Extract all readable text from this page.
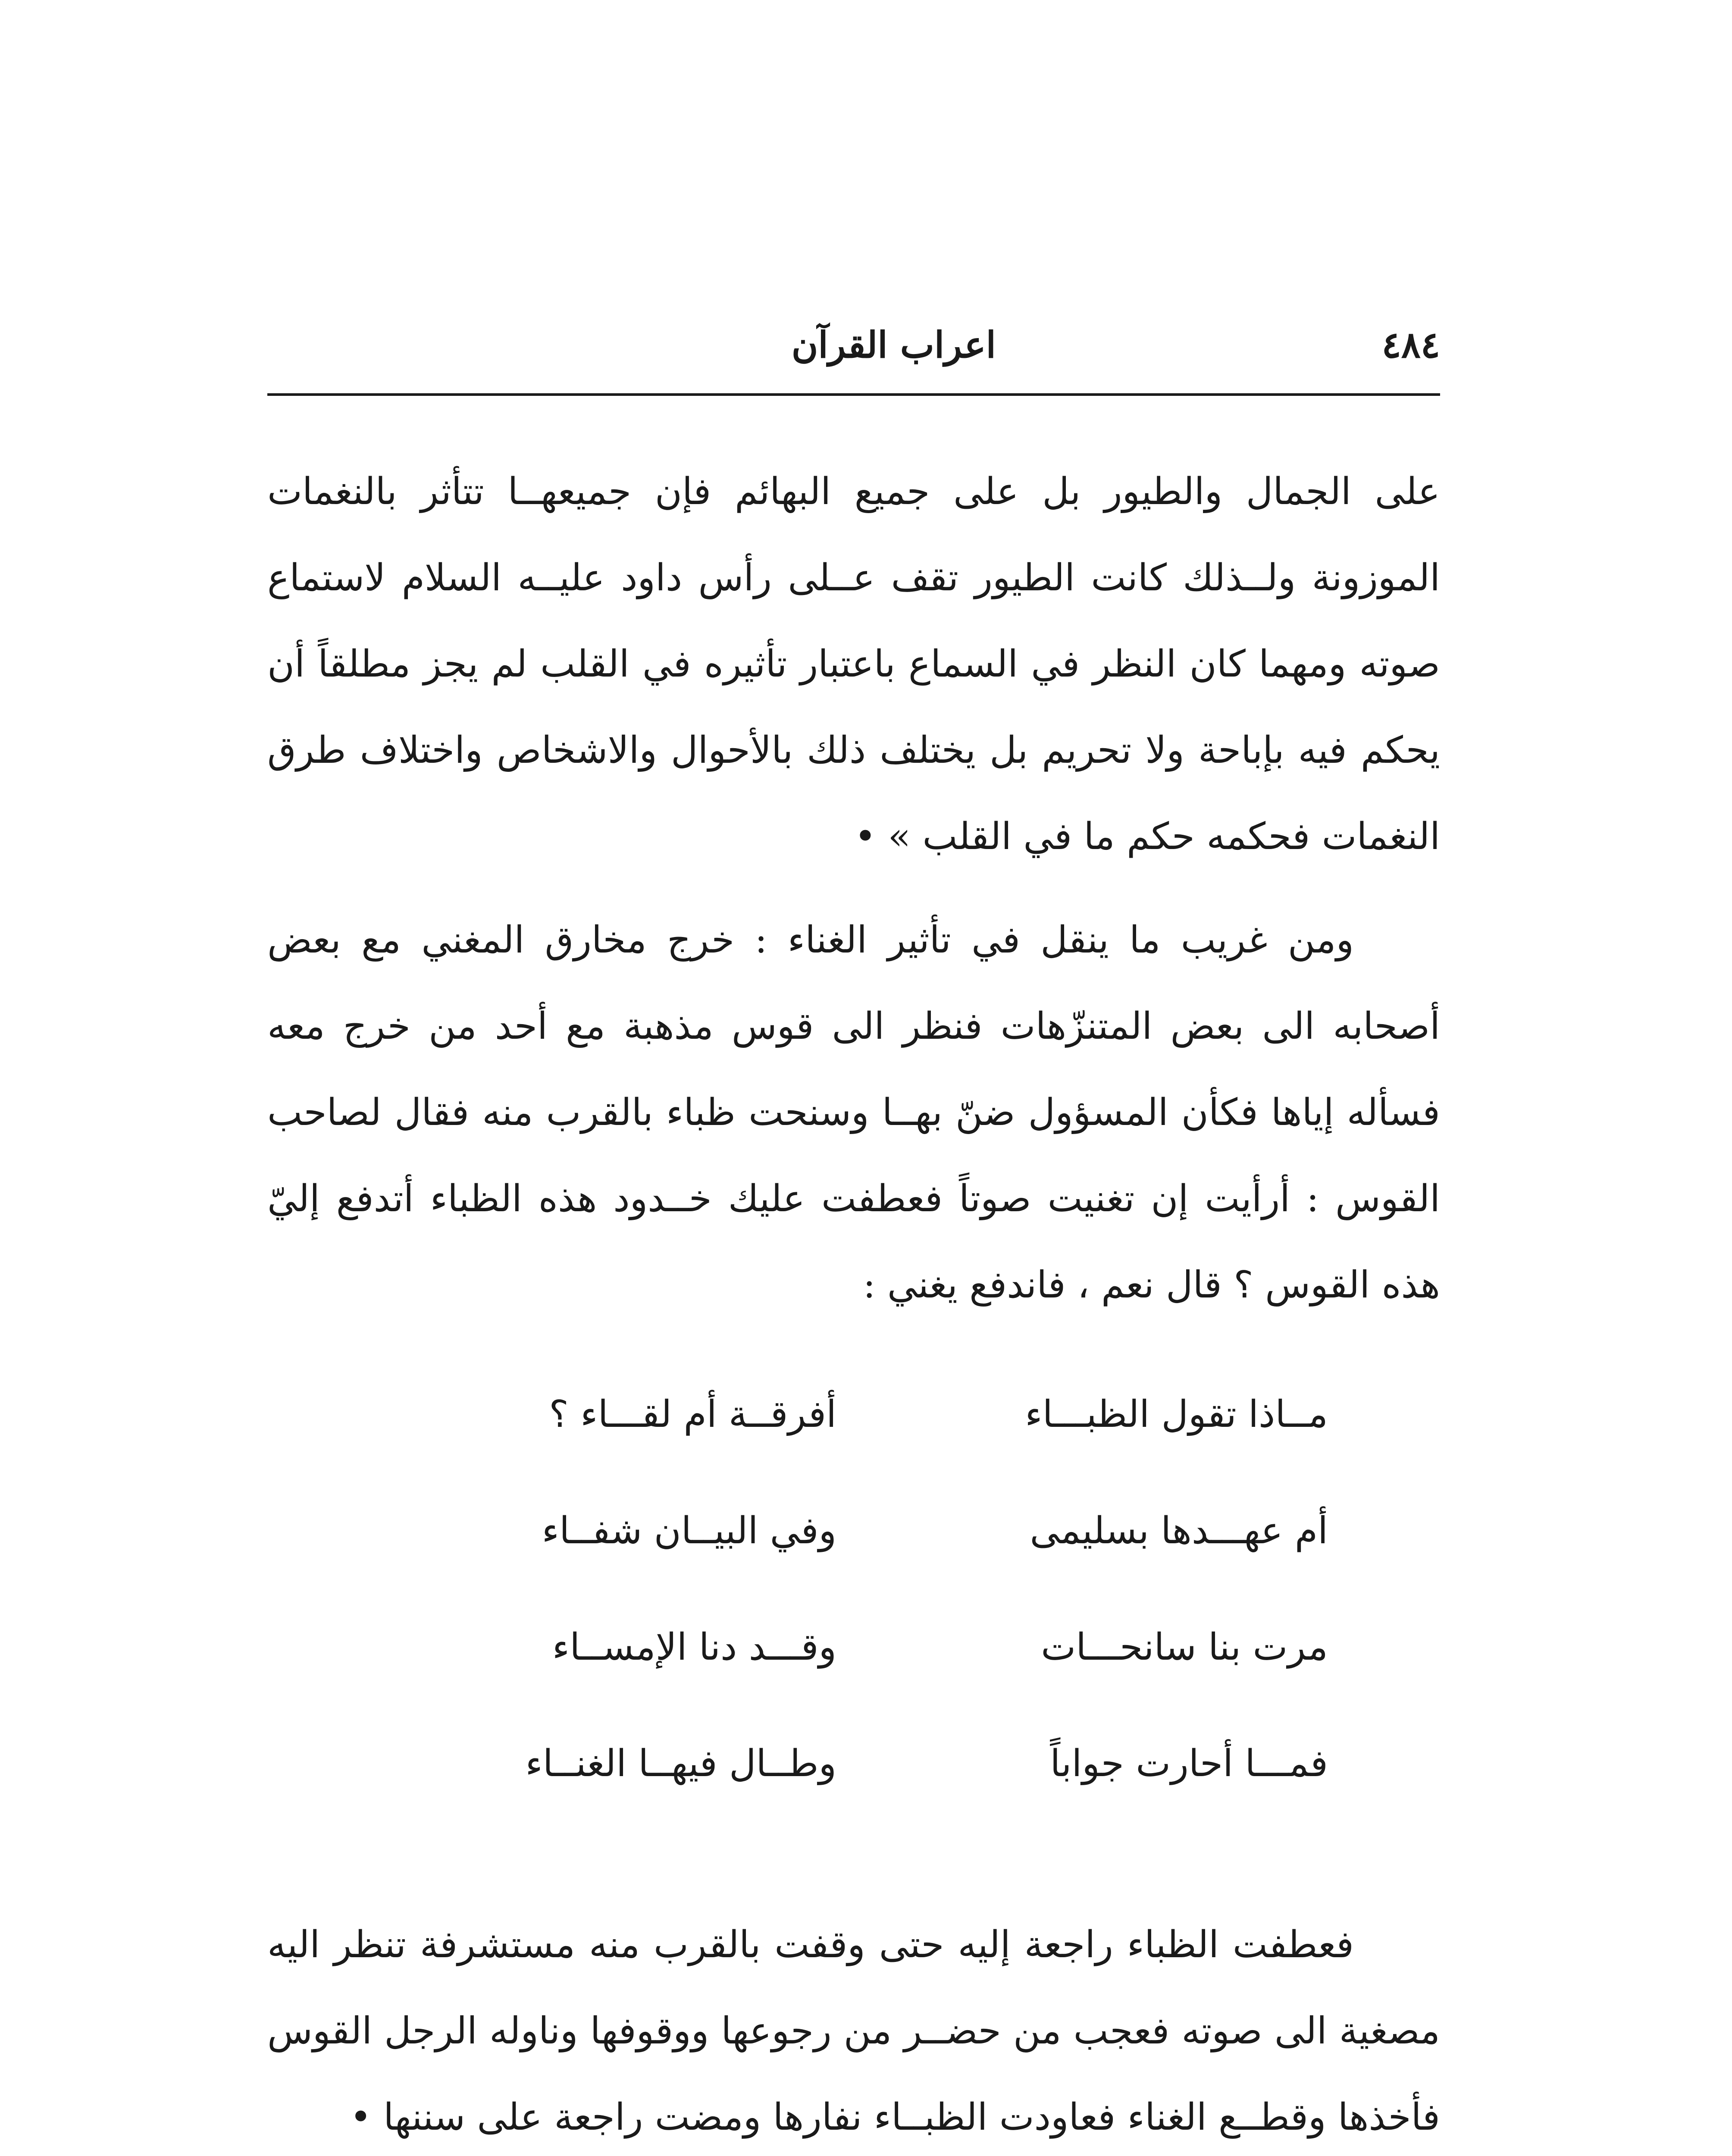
٤٨٤
اعراب القرآن

على الجمال والطيور بل على جميع البهائم فإن جميعهــا تتأثر بالنغمات الموزونة ولــذلك كانت الطيور تقف عــلى رأس داود عليــه السلام لاستماع صوته ومهما كان النظر في السماع باعتبار تأثيره في القلب لم يجز مطلقاً أن يحكم فيه بإباحة ولا تحريم بل يختلف ذلك بالأحوال والاشخاص واختلاف طرق النغمات فحكمه حكم ما في القلب » •

ومن غريب ما ينقل في تأثير الغناء : خرج مخارق المغني مع بعض أصحابه الى بعض المتنزّهات فنظر الى قوس مذهبة مع أحد من خرج معه فسأله إياها فكأن المسؤول ضنّ بهــا وسنحت ظباء بالقرب منه فقال لصاحب القوس : أرأيت إن تغنيت صوتاً فعطفت عليك خــدود هذه الظباء أتدفع إليّ هذه القوس ؟ قال نعم ، فاندفع يغني :

مــاذا تقول الظبـــاء
أفرقــة أم لقـــاء ؟
أم عهـــدها بسليمى
وفي البيــان شفــاء
مرت بنا سانحـــات
وقـــد دنا الإمســاء
فمـــا أحارت جواباً
وطــال فيهــا الغنــاء

فعطفت الظباء راجعة إليه حتى وقفت بالقرب منه مستشرفة تنظر اليه مصغية الى صوته فعجب من حضــر من رجوعها ووقوفها وناوله الرجل القوس فأخذها وقطــع الغناء فعاودت الظبــاء نفارها ومضت راجعة على سننها •
